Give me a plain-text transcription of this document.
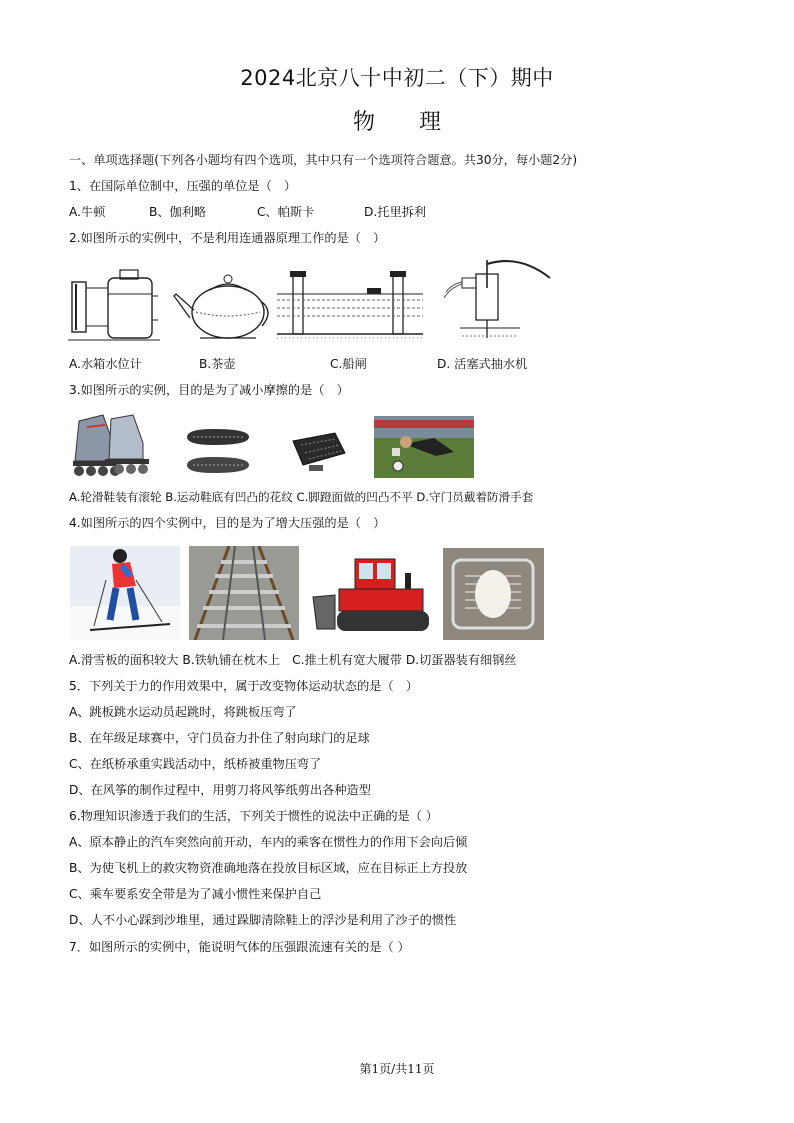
2024北京八十中初二（下）期中
物　　理
一、单项选择题(下列各小题均有四个选项，其中只有一个选项符合题意。共30分，每小题2分)
1、在国际单位制中，压强的单位是（　）
A.牛顿	B、伽利略	C、帕斯卡	D.托里拆利
2.如图所示的实例中，不是利用连通器原理工作的是（　）
A.水箱水位计	B.茶壶	C.船闸	D. 活塞式抽水机
3.如图所示的实例，目的是为了减小摩擦的是（　）
A.轮滑鞋装有滚轮 B.运动鞋底有凹凸的花纹 C.脚蹬面做的凹凸不平 D.守门员戴着防滑手套
4.如图所示的四个实例中，目的是为了增大压强的是（　）
A.滑雪板的面积较大 B.铁轨铺在枕木上　C.推土机有宽大履带 D.切蛋器装有细钢丝
5．下列关于力的作用效果中，属于改变物体运动状态的是（　）
A、跳板跳水运动员起跳时，将跳板压弯了
B、在年级足球赛中，守门员奋力扑住了射向球门的足球
C、在纸桥承重实践活动中，纸桥被重物压弯了
D、在风筝的制作过程中，用剪刀将风筝纸剪出各种造型
6.物理知识渗透于我们的生活，下列关于惯性的说法中正确的是（ ）
A、原本静止的汽车突然向前开动，车内的乘客在惯性力的作用下会向后倾
B、为使飞机上的救灾物资准确地落在投放目标区域，应在目标正上方投放
C、乘车要系安全带是为了减小惯性来保护自己
D、人不小心踩到沙堆里，通过跺脚清除鞋上的浮沙是利用了沙子的惯性
7．如图所示的实例中，能说明气体的压强跟流速有关的是（ ）
第1页/共11页
